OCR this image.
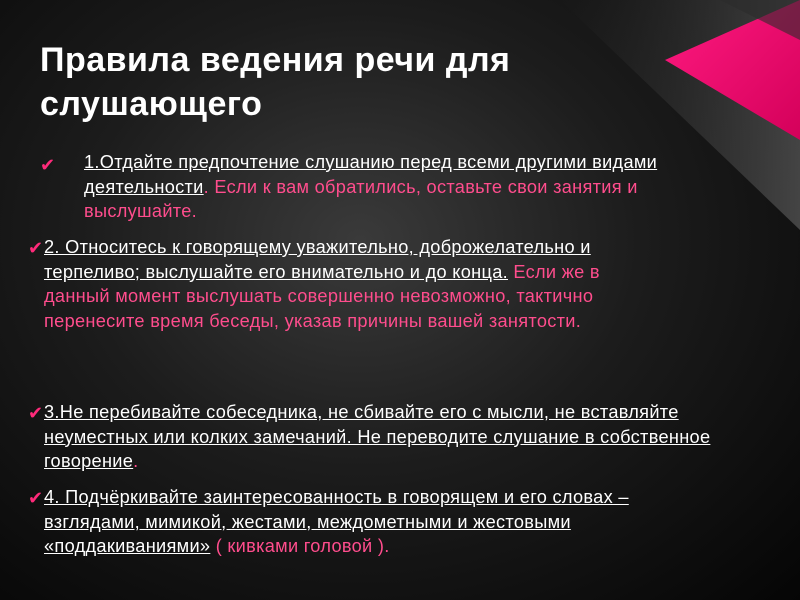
Правила ведения речи для слушающего
✔ 1.Отдайте предпочтение слушанию перед всеми другими видами деятельности. Если к вам обратились, оставьте свои занятия и выслушайте.
✔ 2. Относитесь к говорящему уважительно, доброжелательно и терпеливо; выслушайте его внимательно и до конца. Если же в данный момент выслушать совершенно невозможно, тактично перенесите время беседы, указав причины вашей занятости.
✔ 3.Не перебивайте собеседника, не сбивайте его с мысли, не вставляйте неуместных или колких замечаний. Не переводите слушание в собственное говорение.
✔ 4. Подчёркивайте заинтересованность в говорящем и его словах – взглядами, мимикой, жестами, междометными и жестовыми «поддакиваниями» ( кивками головой ).
